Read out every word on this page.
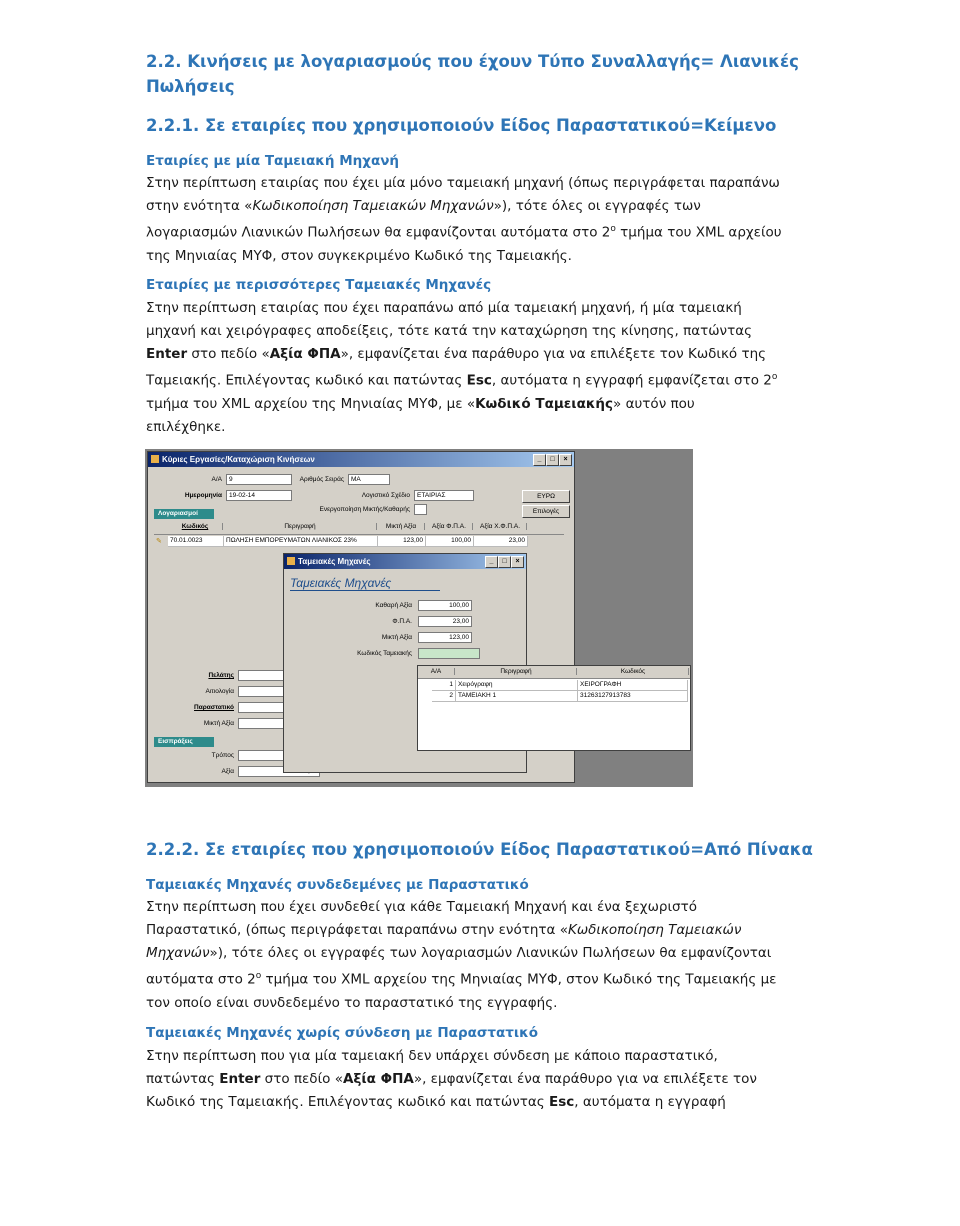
2.2. Κινήσεις με λογαριασμούς που έχουν Τύπο Συναλλαγής= Λιανικές
Πωλήσεις
2.2.1. Σε εταιρίες που χρησιμοποιούν Είδος Παραστατικού=Κείμενο
Εταιρίες με μία Ταμειακή Μηχανή
Στην περίπτωση εταιρίας που έχει μία μόνο ταμειακή μηχανή (όπως περιγράφεται παραπάνω
στην ενότητα «Κωδικοποίηση Ταμειακών Μηχανών»), τότε όλες οι εγγραφές των
λογαριασμών Λιανικών Πωλήσεων θα εμφανίζονται αυτόματα στο $2^o$ τμήμα του XML αρχείου
της Μηνιαίας ΜΥΦ, στον συγκεκριμένο Κωδικό της Ταμειακής.
Εταιρίες με περισσότερες Ταμειακές Μηχανές
Στην περίπτωση εταιρίας που έχει παραπάνω από μία ταμειακή μηχανή, ή μία ταμειακή
μηχανή και χειρόγραφες αποδείξεις, τότε κατά την καταχώρηση της κίνησης, πατώντας
Enter στο πεδίο «Αξία ΦΠΑ», εμφανίζεται ένα παράθυρο για να επιλέξετε τον Κωδικό της
Ταμειακής. Επιλέγοντας κωδικό και πατώντας Esc, αυτόματα η εγγραφή εμφανίζεται στο $2^o$
τμήμα του XML αρχείου της Μηνιαίας ΜΥΦ, με «Κωδικό Ταμειακής» αυτόν που
επιλέχθηκε.
Κύριες Εργασίες/Καταχώριση Κινήσεων	_	□	×
Α/Α	9	Αριθμός Σειράς	ΜΑ
Ημερομηνία	19-02-14	Λογιστικό Σχέδιο	ΕΤΑΙΡΙΑΣ
Ενεργοποίηση Μικτής/Καθαρής
ΕΥΡΩ
Επιλογές
Λογαριασμοί
Κωδικός	Περιγραφή	Μικτή Αξία	Αξία Φ.Π.Α.	Αξία Χ.Φ.Π.Α.
✎	70.01.0023	ΠΩΛΗΣΗ ΕΜΠΟΡΕΥΜΑΤΩΝ ΛΙΑΝΙΚΟΣ 23%	123,00	100,00	23,00
Πελάτης
Αιτιολογία
Παραστατικό
Μικτή Αξία
Εισπράξεις
Τρόπος
Αξία
Ταμειακές Μηχανές	_	□	×
Ταμειακές Μηχανές
Καθαρή Αξία	100,00
Φ.Π.Α.	23,00
Μικτή Αξία	123,00
Κωδικός Ταμειακής
Α/Α	Περιγραφή	Κωδικός
1 Χειρόγραφη	ΧΕΙΡΟΓΡΑΦΗ
2 ΤΑΜΕΙΑΚΗ 1	31263127913783
2.2.2. Σε εταιρίες που χρησιμοποιούν Είδος Παραστατικού=Από Πίνακα
Ταμειακές Μηχανές συνδεδεμένες με Παραστατικό
Στην περίπτωση που έχει συνδεθεί για κάθε Ταμειακή Μηχανή και ένα ξεχωριστό
Παραστατικό, (όπως περιγράφεται παραπάνω στην ενότητα «Κωδικοποίηση Ταμειακών
Μηχανών»), τότε όλες οι εγγραφές των λογαριασμών Λιανικών Πωλήσεων θα εμφανίζονται
αυτόματα στο $2^o$ τμήμα του XML αρχείου της Μηνιαίας ΜΥΦ, στον Κωδικό της Ταμειακής με
τον οποίο είναι συνδεδεμένο το παραστατικό της εγγραφής.
Ταμειακές Μηχανές χωρίς σύνδεση με Παραστατικό
Στην περίπτωση που για μία ταμειακή δεν υπάρχει σύνδεση με κάποιο παραστατικό,
πατώντας Enter στο πεδίο «Αξία ΦΠΑ», εμφανίζεται ένα παράθυρο για να επιλέξετε τον
Κωδικό της Ταμειακής. Επιλέγοντας κωδικό και πατώντας Esc, αυτόματα η εγγραφή
